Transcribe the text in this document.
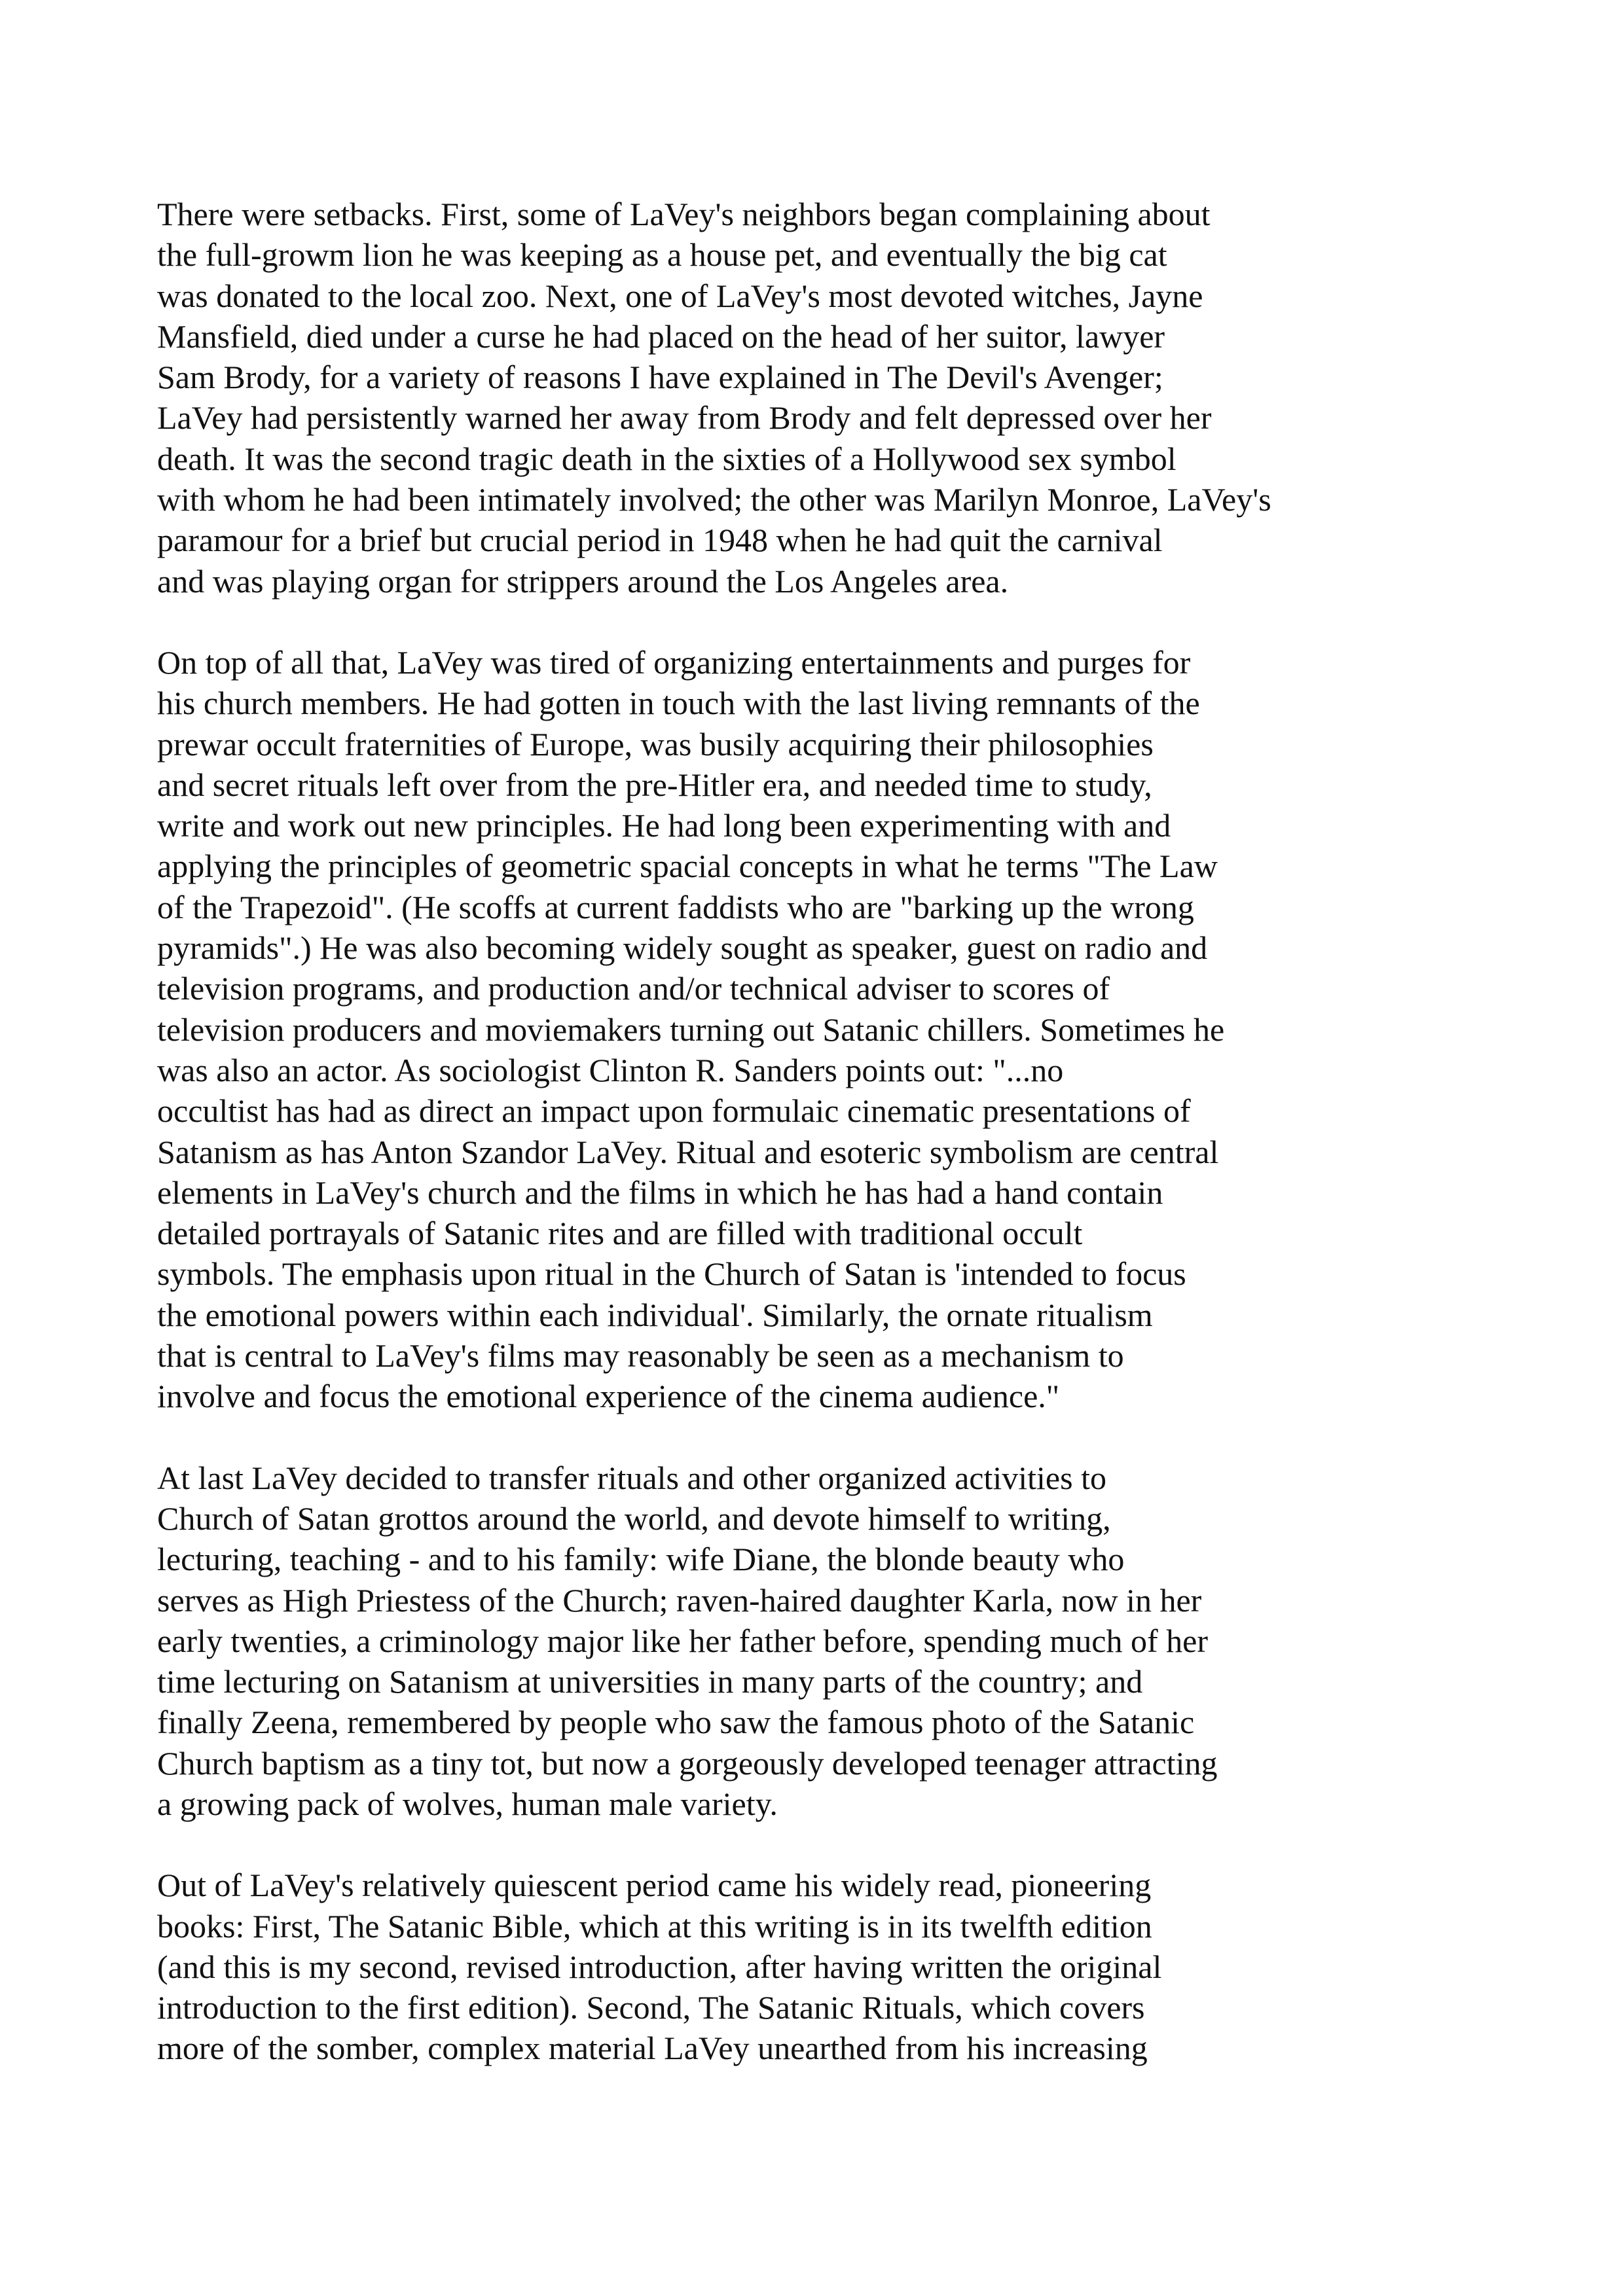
There were setbacks. First, some of LaVey's neighbors began complaining about
the full-growm lion he was keeping as a house pet, and eventually the big cat
was donated to the local zoo. Next, one of LaVey's most devoted witches, Jayne
Mansfield, died under a curse he had placed on the head of her suitor, lawyer
Sam Brody, for a variety of reasons I have explained in The Devil's Avenger;
LaVey had persistently warned her away from Brody and felt depressed over her
death. It was the second tragic death in the sixties of a Hollywood sex symbol
with whom he had been intimately involved; the other was Marilyn Monroe, LaVey's
paramour for a brief but crucial period in 1948 when he had quit the carnival
and was playing organ for strippers around the Los Angeles area.
On top of all that, LaVey was tired of organizing entertainments and purges for
his church members. He had gotten in touch with the last living remnants of the
prewar occult fraternities of Europe, was busily acquiring their philosophies
and secret rituals left over from the pre-Hitler era, and needed time to study,
write and work out new principles. He had long been experimenting with and
applying the principles of geometric spacial concepts in what he terms "The Law
of the Trapezoid". (He scoffs at current faddists who are "barking up the wrong
pyramids".) He was also becoming widely sought as speaker, guest on radio and
television programs, and production and/or technical adviser to scores of
television producers and moviemakers turning out Satanic chillers. Sometimes he
was also an actor. As sociologist Clinton R. Sanders points out: "...no
occultist has had as direct an impact upon formulaic cinematic presentations of
Satanism as has Anton Szandor LaVey. Ritual and esoteric symbolism are central
elements in LaVey's church and the films in which he has had a hand contain
detailed portrayals of Satanic rites and are filled with traditional occult
symbols. The emphasis upon ritual in the Church of Satan is 'intended to focus
the emotional powers within each individual'. Similarly, the ornate ritualism
that is central to LaVey's films may reasonably be seen as a mechanism to
involve and focus the emotional experience of the cinema audience."
At last LaVey decided to transfer rituals and other organized activities to
Church of Satan grottos around the world, and devote himself to writing,
lecturing, teaching - and to his family: wife Diane, the blonde beauty who
serves as High Priestess of the Church; raven-haired daughter Karla, now in her
early twenties, a criminology major like her father before, spending much of her
time lecturing on Satanism at universities in many parts of the country; and
finally Zeena, remembered by people who saw the famous photo of the Satanic
Church baptism as a tiny tot, but now a gorgeously developed teenager attracting
a growing pack of wolves, human male variety.
Out of LaVey's relatively quiescent period came his widely read, pioneering
books: First, The Satanic Bible, which at this writing is in its twelfth edition
(and this is my second, revised introduction, after having written the original
introduction to the first edition). Second, The Satanic Rituals, which covers
more of the somber, complex material LaVey unearthed from his increasing
